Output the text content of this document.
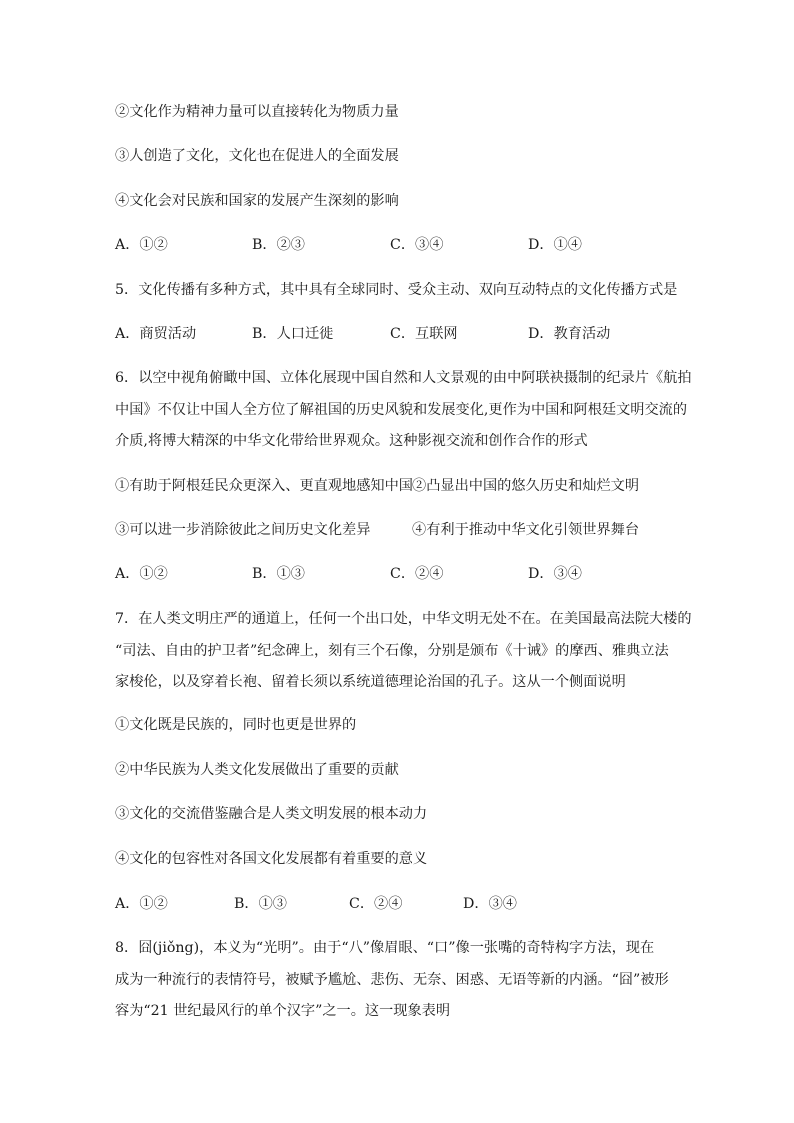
②文化作为精神力量可以直接转化为物质力量
③人创造了文化，文化也在促进人的全面发展
④文化会对民族和国家的发展产生深刻的影响
A．①②	B．②③	C．③④	D．①④
5．文化传播有多种方式，其中具有全球同时、受众主动、双向互动特点的文化传播方式是
A．商贸活动	B．人口迁徙	C．互联网	D．教育活动
6．以空中视角俯瞰中国、立体化展现中国自然和人文景观的由中阿联袂摄制的纪录片《航拍
中国》不仅让中国人全方位了解祖国的历史风貌和发展变化,更作为中国和阿根廷文明交流的
介质,将博大精深的中华文化带给世界观众。这种影视交流和创作合作的形式
①有助于阿根廷民众更深入、更直观地感知中国 ②凸显出中国的悠久历史和灿烂文明
③可以进一步消除彼此之间历史文化差异	④有利于推动中华文化引领世界舞台
A．①②	B．①③	C．②④	D．③④
7．在人类文明庄严的通道上，任何一个出口处，中华文明无处不在。在美国最高法院大楼的
“司法、自由的护卫者”纪念碑上，刻有三个石像，分别是颁布《十诫》的摩西、雅典立法
家梭伦，以及穿着长袍、留着长须以系统道德理论治国的孔子。这从一个侧面说明
①文化既是民族的，同时也更是世界的
②中华民族为人类文化发展做出了重要的贡献
③文化的交流借鉴融合是人类文明发展的根本动力
④文化的包容性对各国文化发展都有着重要的意义
A．①②	B．①③	C．②④	D．③④
8．囧(jiǒng)，本义为“光明”。由于“八”像眉眼、“口”像一张嘴的奇特构字方法，现在
成为一种流行的表情符号，被赋予尴尬、悲伤、无奈、困惑、无语等新的内涵。“囧”被形
容为“21 世纪最风行的单个汉字”之一。这一现象表明
